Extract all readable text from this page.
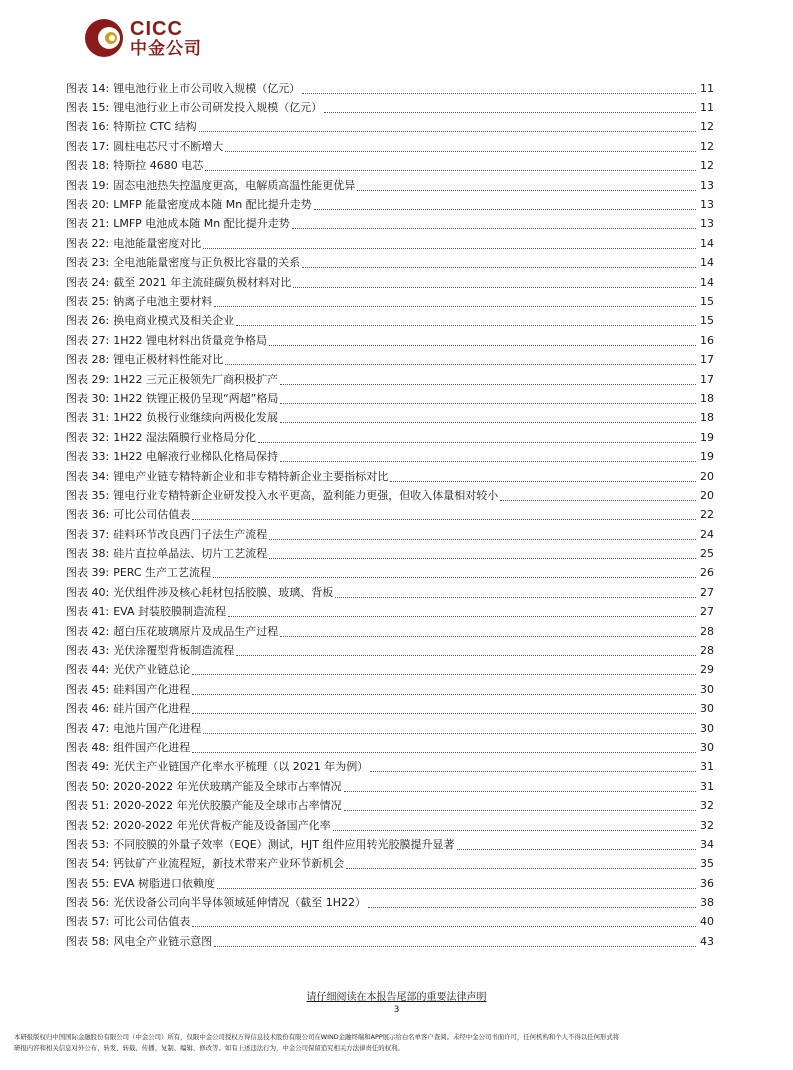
CICC
中金公司
图表 14: 锂电池行业上市公司收入规模（亿元）	11
图表 15: 锂电池行业上市公司研发投入规模（亿元）	11
图表 16: 特斯拉 CTC 结构	12
图表 17: 圆柱电芯尺寸不断增大	12
图表 18: 特斯拉 4680 电芯	12
图表 19: 固态电池热失控温度更高，电解质高温性能更优异	13
图表 20: LMFP 能量密度成本随 Mn 配比提升走势	13
图表 21: LMFP 电池成本随 Mn 配比提升走势	13
图表 22: 电池能量密度对比	14
图表 23: 全电池能量密度与正负极比容量的关系	14
图表 24: 截至 2021 年主流硅碳负极材料对比	14
图表 25: 钠离子电池主要材料	15
图表 26: 换电商业模式及相关企业	15
图表 27: 1H22 锂电材料出货量竞争格局	16
图表 28: 锂电正极材料性能对比	17
图表 29: 1H22 三元正极领先厂商积极扩产	17
图表 30: 1H22 铁锂正极仍呈现“两超”格局	18
图表 31: 1H22 负极行业继续向两极化发展	18
图表 32: 1H22 湿法隔膜行业格局分化	19
图表 33: 1H22 电解液行业梯队化格局保持	19
图表 34: 锂电产业链专精特新企业和非专精特新企业主要指标对比	20
图表 35: 锂电行业专精特新企业研发投入水平更高，盈利能力更强，但收入体量相对较小	20
图表 36: 可比公司估值表	22
图表 37: 硅料环节改良西门子法生产流程	24
图表 38: 硅片直拉单晶法、切片工艺流程	25
图表 39: PERC 生产工艺流程	26
图表 40: 光伏组件涉及核心耗材包括胶膜、玻璃、背板	27
图表 41: EVA 封装胶膜制造流程	27
图表 42: 超白压花玻璃原片及成品生产过程	28
图表 43: 光伏涂覆型背板制造流程	28
图表 44: 光伏产业链总论	29
图表 45: 硅料国产化进程	30
图表 46: 硅片国产化进程	30
图表 47: 电池片国产化进程	30
图表 48: 组件国产化进程	30
图表 49: 光伏主产业链国产化率水平梳理（以 2021 年为例）	31
图表 50: 2020-2022 年光伏玻璃产能及全球市占率情况	31
图表 51: 2020-2022 年光伏胶膜产能及全球市占率情况	32
图表 52: 2020-2022 年光伏背板产能及设备国产化率	32
图表 53: 不同胶膜的外量子效率（EQE）测试，HJT 组件应用转光胶膜提升显著	34
图表 54: 钙钛矿产业流程短，新技术带来产业环节新机会	35
图表 55: EVA 树脂进口依赖度	36
图表 56: 光伏设备公司向半导体领域延伸情况（截至 1H22）	38
图表 57: 可比公司估值表	40
图表 58: 风电全产业链示意图	43
请仔细阅读在本报告尾部的重要法律声明
3
本研报版权归中国国际金融股份有限公司（中金公司）所有，仅限中金公司授权万得信息技术股份有限公司在WIND金融终端和APP展示给白名单客户查阅。未经中金公司书面许可，任何机构和个人不得以任何形式将
研报内容和相关信息对外公布、转发、转载、传播、复制、编辑、修改等。如有上述违法行为，中金公司保留追究相关方法律责任的权利。
